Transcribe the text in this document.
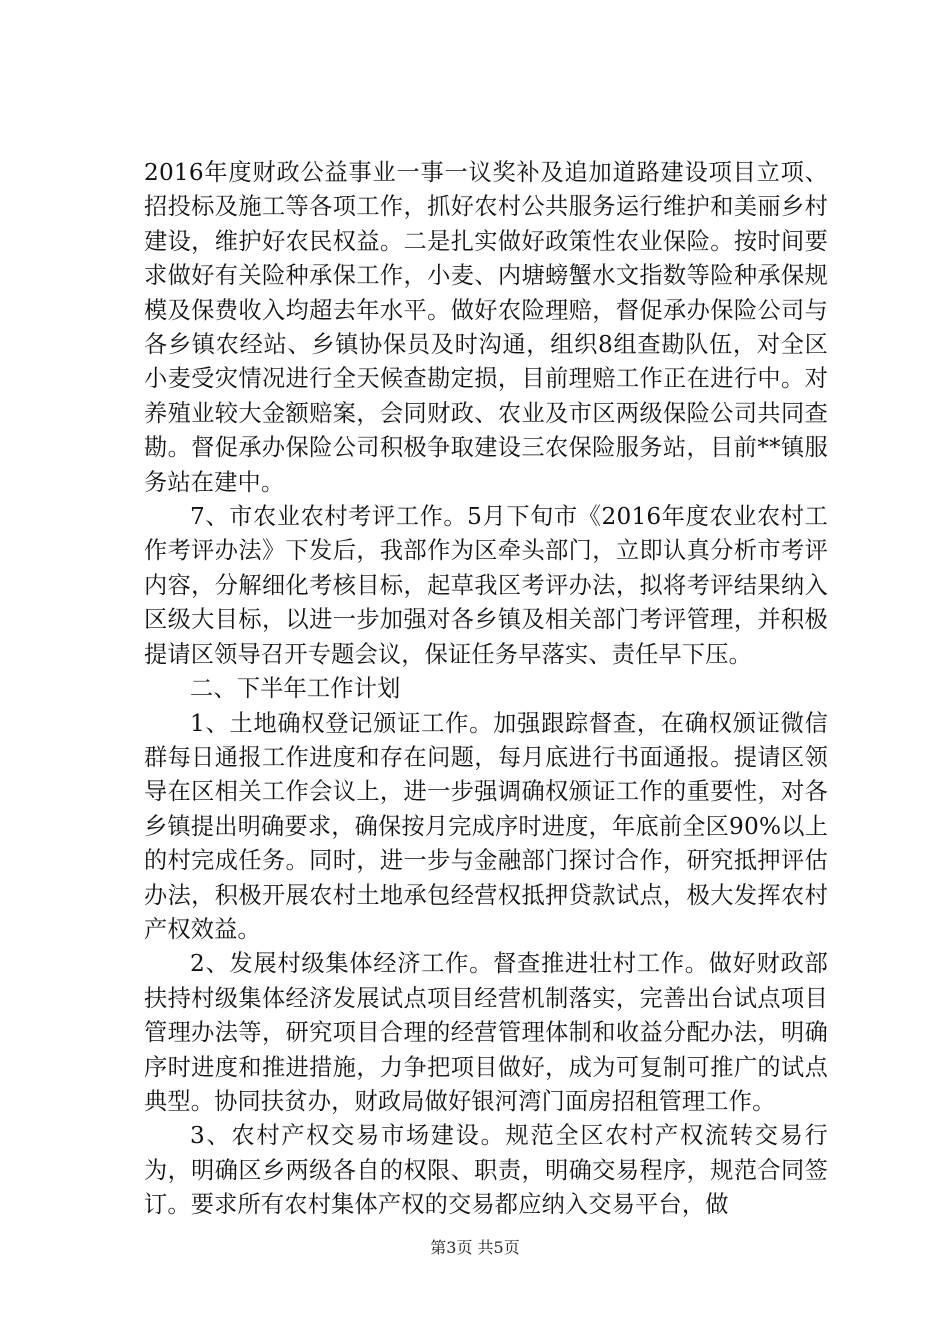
2016年度财政公益事业一事一议奖补及追加道路建设项目立项、招投标及施工等各项工作，抓好农村公共服务运行维护和美丽乡村建设，维护好农民权益。二是扎实做好政策性农业保险。按时间要求做好有关险种承保工作，小麦、内塘螃蟹水文指数等险种承保规模及保费收入均超去年水平。做好农险理赔，督促承办保险公司与各乡镇农经站、乡镇协保员及时沟通，组织8组查勘队伍，对全区小麦受灾情况进行全天候查勘定损，目前理赔工作正在进行中。对养殖业较大金额赔案，会同财政、农业及市区两级保险公司共同查勘。督促承办保险公司积极争取建设三农保险服务站，目前**镇服务站在建中。

7、市农业农村考评工作。5月下旬市《2016年度农业农村工作考评办法》下发后，我部作为区牵头部门，立即认真分析市考评内容，分解细化考核目标，起草我区考评办法，拟将考评结果纳入区级大目标，以进一步加强对各乡镇及相关部门考评管理，并积极提请区领导召开专题会议，保证任务早落实、责任早下压。

二、下半年工作计划

1、土地确权登记颁证工作。加强跟踪督查，在确权颁证微信群每日通报工作进度和存在问题，每月底进行书面通报。提请区领导在区相关工作会议上，进一步强调确权颁证工作的重要性，对各乡镇提出明确要求，确保按月完成序时进度，年底前全区90%以上的村完成任务。同时，进一步与金融部门探讨合作，研究抵押评估办法，积极开展农村土地承包经营权抵押贷款试点，极大发挥农村产权效益。

2、发展村级集体经济工作。督查推进壮村工作。做好财政部扶持村级集体经济发展试点项目经营机制落实，完善出台试点项目管理办法等，研究项目合理的经营管理体制和收益分配办法，明确序时进度和推进措施，力争把项目做好，成为可复制可推广的试点典型。协同扶贫办，财政局做好银河湾门面房招租管理工作。

3、农村产权交易市场建设。规范全区农村产权流转交易行为，明确区乡两级各自的权限、职责，明确交易程序，规范合同签订。要求所有农村集体产权的交易都应纳入交易平台，做

第3页 共5页
